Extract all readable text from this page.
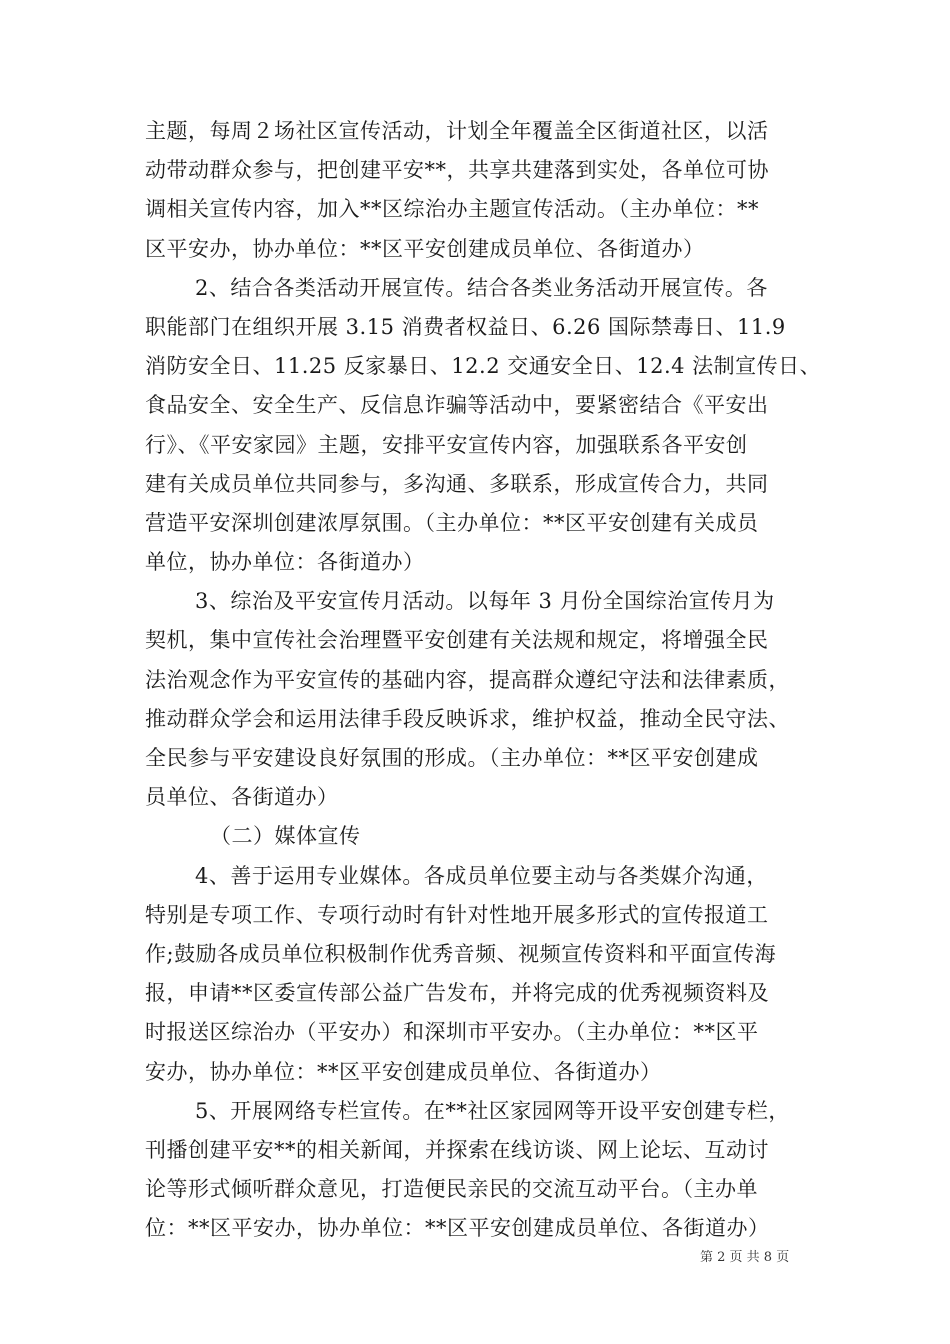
主题，每周２场社区宣传活动，计划全年覆盖全区街道社区，以活
动带动群众参与，把创建平安**，共享共建落到实处，各单位可协
调相关宣传内容，加入**区综治办主题宣传活动。（主办单位：**
区平安办，协办单位：**区平安创建成员单位、各街道办）
2、结合各类活动开展宣传。结合各类业务活动开展宣传。各
职能部门在组织开展 3.15 消费者权益日、6.26 国际禁毒日、11.9
消防安全日、11.25 反家暴日、12.2 交通安全日、12.4 法制宣传日、
食品安全、安全生产、反信息诈骗等活动中，要紧密结合《平安出
行》、《平安家园》主题，安排平安宣传内容，加强联系各平安创
建有关成员单位共同参与，多沟通、多联系，形成宣传合力，共同
营造平安深圳创建浓厚氛围。（主办单位：**区平安创建有关成员
单位，协办单位：各街道办）
3、综治及平安宣传月活动。以每年 3 月份全国综治宣传月为
契机，集中宣传社会治理暨平安创建有关法规和规定，将增强全民
法治观念作为平安宣传的基础内容，提高群众遵纪守法和法律素质，
推动群众学会和运用法律手段反映诉求，维护权益，推动全民守法、
全民参与平安建设良好氛围的形成。（主办单位：**区平安创建成
员单位、各街道办）
（二）媒体宣传
4、善于运用专业媒体。各成员单位要主动与各类媒介沟通，
特别是专项工作、专项行动时有针对性地开展多形式的宣传报道工
作;鼓励各成员单位积极制作优秀音频、视频宣传资料和平面宣传海
报，申请**区委宣传部公益广告发布，并将完成的优秀视频资料及
时报送区综治办（平安办）和深圳市平安办。（主办单位：**区平
安办，协办单位：**区平安创建成员单位、各街道办）
5、开展网络专栏宣传。在**社区家园网等开设平安创建专栏，
刊播创建平安**的相关新闻，并探索在线访谈、网上论坛、互动讨
论等形式倾听群众意见，打造便民亲民的交流互动平台。（主办单
位：**区平安办，协办单位：**区平安创建成员单位、各街道办）
第 2 页 共 8 页
